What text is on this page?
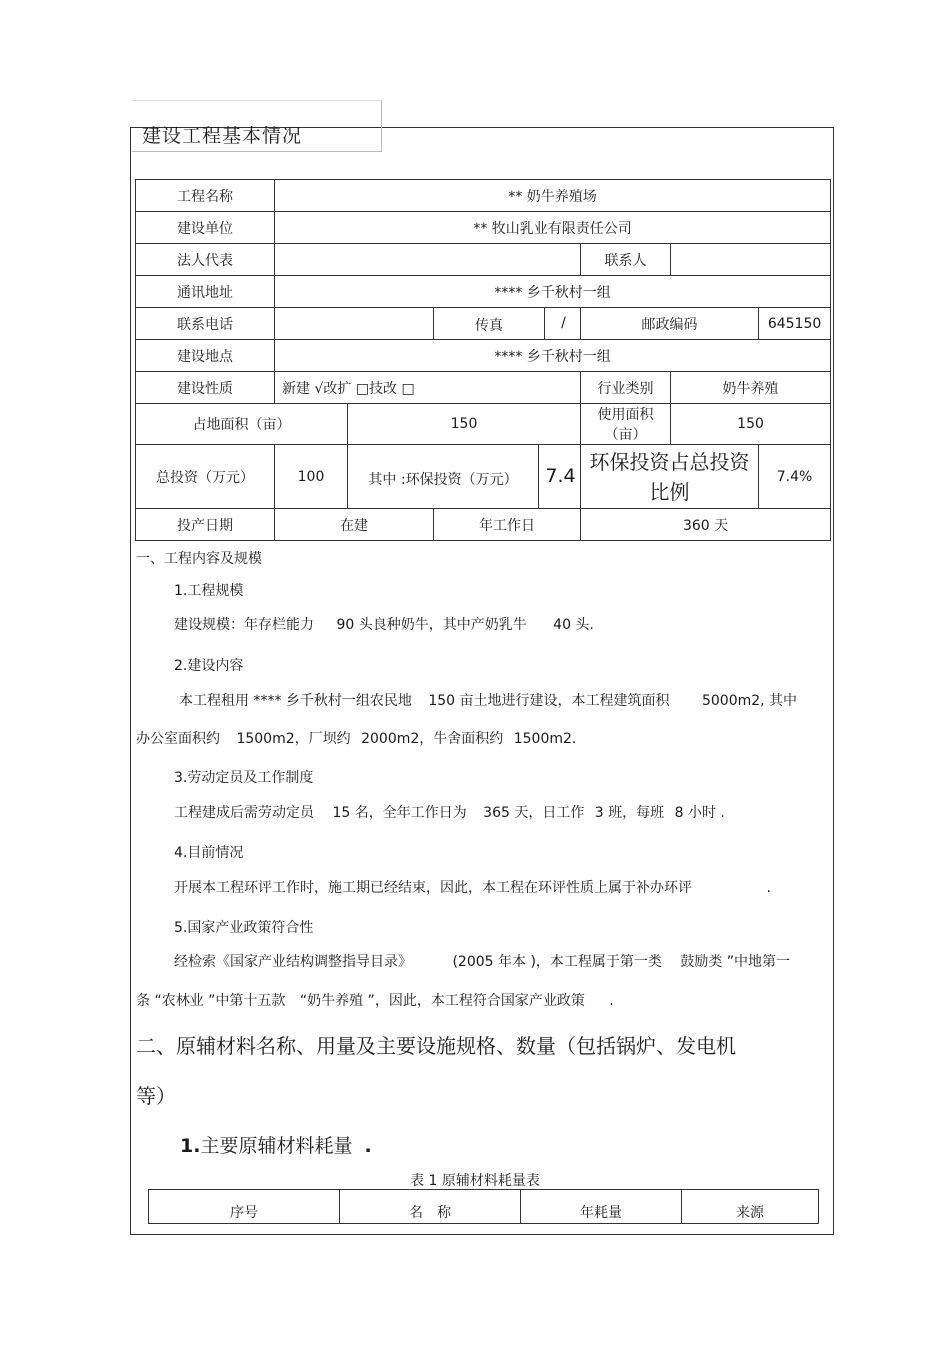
建设工程基本情况
工程名称	** 奶牛养殖场					
建设单位	** 牧山乳业有限责任公司					
法人代表				联系人		
通讯地址	**** 乡千秋村一组					
联系电话			传真 /	邮政编码		645150
建设地点	**** 乡千秋村一组					
建设性质	新建 √改扩 □技改 □			行业类别	奶牛养殖	
占地面积（亩）		150		使用面积（亩）	150	
总投资（万元）	100	其中 :环保投资（万元） 7.4		环保投资占总投资比例		7.4%
投产日期	在建		年工作日	360 天		
一、工程内容及规模
1.工程规模
建设规模：年存栏能力 90 头良种奶牛，其中产奶乳牛 40 头.
2.建设内容
本工程租用 **** 乡千秋村一组农民地 150 亩土地进行建设，本工程建筑面积 5000m2, 其中
办公室面积约 1500m2，厂坝约 2000m2，牛舍面积约 1500m2.
3.劳动定员及工作制度
工程建成后需劳动定员 15 名，全年工作日为 365 天，日工作 3 班，每班 8 小时 .
4.目前情况
开展本工程环评工作时，施工期已经结束，因此，本工程在环评性质上属于补办环评	.
5.国家产业政策符合性
经检索《国家产业结构调整指导目录》	(2005 年本 )，本工程属于第一类 鼓励类 ”中地第一
条 “农林业 ”中第十五款 “奶牛养殖 ”，因此，本工程符合国家产业政策 .
二、原辅材料名称、用量及主要设施规格、数量（包括锅炉、发电机
等）
1.主要原辅材料耗量 .
表 1 原辅材料耗量表
序号	名　称	年耗量	来源
